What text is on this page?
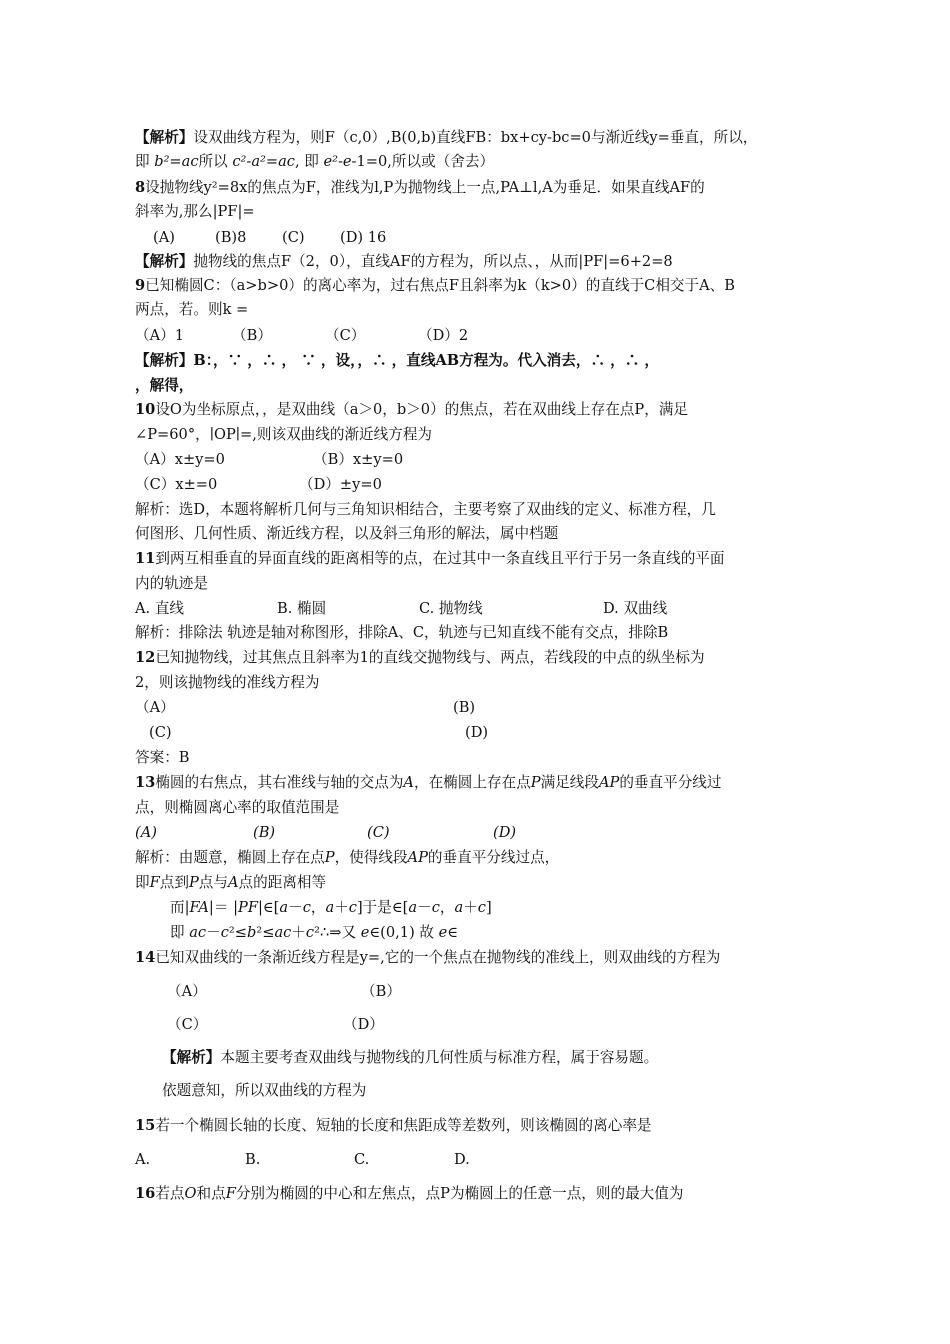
【解析】设双曲线方程为，则F（c,0）,B(0,b)直线FB：bx+cy-bc=0与渐近线y=垂直，所以，
即 b²=ac所以 c²-a²=ac, 即 e²-e-1=0,所以或（舍去）
8设抛物线y²=8x的焦点为F，准线为l,P为抛物线上一点,PA⊥l,A为垂足．如果直线AF的
斜率为,那么|PF|=
(A)	(B)8 (C) (D) 16
【解析】抛物线的焦点F（2，0），直线AF的方程为，所以点、，从而|PF|=6+2=8
9已知椭圆C：（a>b>0）的离心率为，过右焦点F且斜率为k（k>0）的直线于C相交于A、B
两点，若。则k =
（A）1	（B）	（C）	（D）2
【解析】B：，∵ ，∴ ， ∵ ，设，，∴ ，直线AB方程为。代入消去，∴ ，∴ ，
，解得，
10设O为坐标原点，，是双曲线（a＞0，b＞0）的焦点，若在双曲线上存在点P，满足
∠P=60°，∣OP∣=,则该双曲线的渐近线方程为
（A）x±y=0	（B）x±y=0
（C）x±=0	（D）±y=0
解析：选D，本题将解析几何与三角知识相结合，主要考察了双曲线的定义、标准方程，几
何图形、几何性质、渐近线方程，以及斜三角形的解法，属中档题
11到两互相垂直的异面直线的距离相等的点，在过其中一条直线且平行于另一条直线的平面
内的轨迹是
A. 直线	B. 椭圆	C. 抛物线	D. 双曲线
解析：排除法 轨迹是轴对称图形，排除A、C，轨迹与已知直线不能有交点，排除B
12已知抛物线，过其焦点且斜率为1的直线交抛物线与、两点，若线段的中点的纵坐标为
2，则该抛物线的准线方程为
（A）	(B)
(C)	(D)
答案：B
13椭圆的右焦点，其右准线与轴的交点为A，在椭圆上存在点P满足线段AP的垂直平分线过
点，则椭圆离心率的取值范围是
(A)	(B)	(C)	(D)
解析：由题意，椭圆上存在点P，使得线段AP的垂直平分线过点，
即F点到P点与A点的距离相等
而|FA|＝ |PF|∈[a－c，a＋c]于是∈[a－c，a＋c]
即 ac－c²≤b²≤ac＋c²∴⇒又 e∈(0,1) 故 e∈
14已知双曲线的一条渐近线方程是y=,它的一个焦点在抛物线的准线上，则双曲线的方程为
（A）	（B）
（C）	（D）
【解析】本题主要考查双曲线与抛物线的几何性质与标准方程，属于容易题。
依题意知，所以双曲线的方程为
15若一个椭圆长轴的长度、短轴的长度和焦距成等差数列，则该椭圆的离心率是
A.	B.	C.	D.
16若点O和点F分别为椭圆的中心和左焦点，点P为椭圆上的任意一点，则的最大值为
